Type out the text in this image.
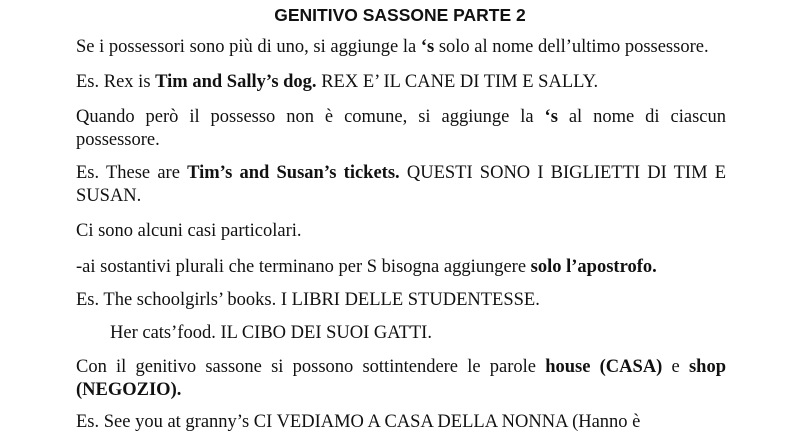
GENITIVO SASSONE PARTE 2
Se i possessori sono più di uno, si aggiunge la ‘s solo al nome dell’ultimo possessore.
Es. Rex is Tim and Sally’s dog. REX E’ IL CANE DI TIM E SALLY.
Quando però il possesso non è comune, si aggiunge la ‘s al nome di ciascun
possessore.
Es. These are Tim’s and Susan’s tickets. QUESTI SONO I BIGLIETTI DI TIM E
SUSAN.
Ci sono alcuni casi particolari.
-ai sostantivi plurali che terminano per S bisogna aggiungere solo l’apostrofo.
Es. The schoolgirls’ books. I LIBRI DELLE STUDENTESSE.
Her cats’food. IL CIBO DEI SUOI GATTI.
Con il genitivo sassone si possono sottintendere le parole house (CASA) e shop
(NEGOZIO).
Es. See you at granny’s CI VEDIAMO A CASA DELLA NONNA (Hanno è
